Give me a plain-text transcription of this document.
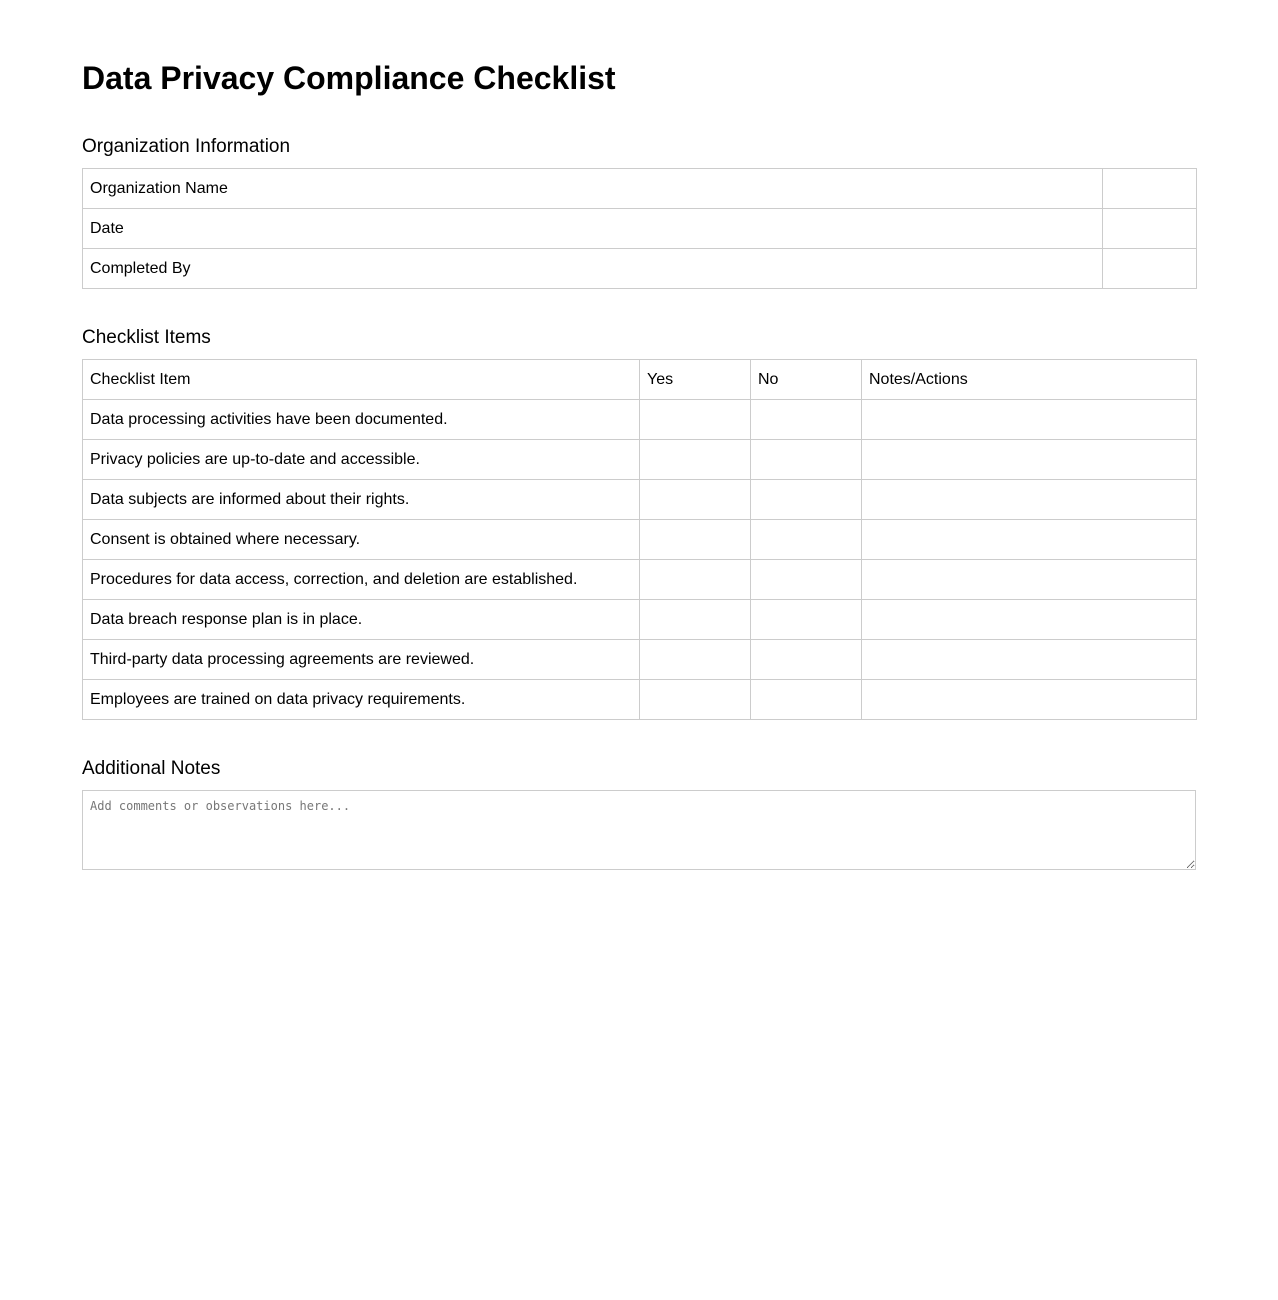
Data Privacy Compliance Checklist
Organization Information
Organization Name	
Date	
Completed By	
Checklist Items
Checklist Item	Yes	No	Notes/Actions
Data processing activities have been documented.			
Privacy policies are up-to-date and accessible.			
Data subjects are informed about their rights.			
Consent is obtained where necessary.			
Procedures for data access, correction, and deletion are established.			
Data breach response plan is in place.			
Third-party data processing agreements are reviewed.			
Employees are trained on data privacy requirements.			
Additional Notes
Add comments or observations here...
